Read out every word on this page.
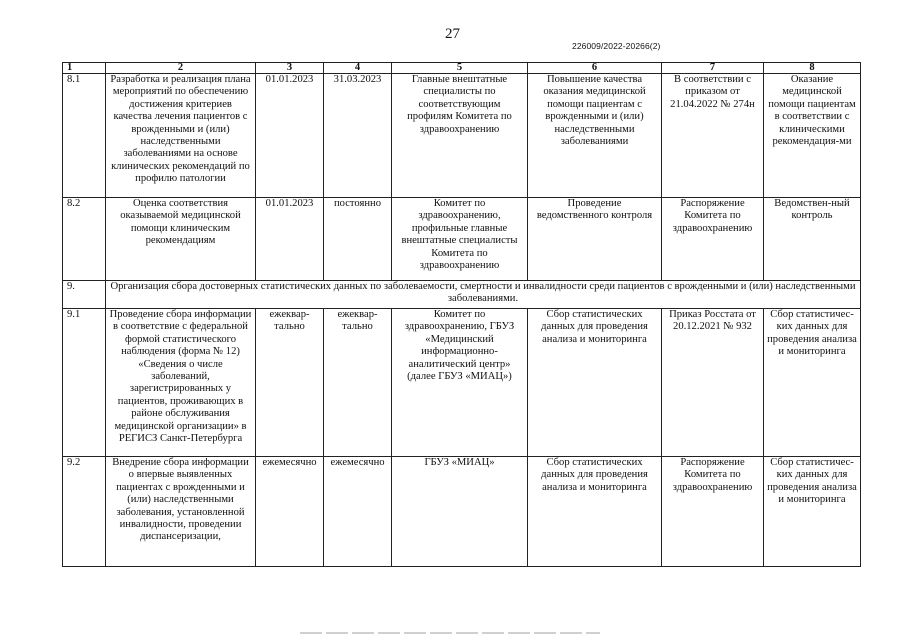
27
226009/2022-20266(2)
1	2	3	4	5	6	7	8
8.1	Разработка и реализация плана мероприятий по обеспечению достижения критериев качества лечения пациентов с врожденными и (или) наследственными заболеваниями на основе клинических рекомендаций по профилю патологии	01.01.2023	31.03.2023	Главные внештатные специалисты по соответствующим профилям Комитета по здравоохранению	Повышение качества оказания медицинской помощи пациентам с врожденными и (или) наследственными заболеваниями	В соответствии с приказом от 21.04.2022 № 274н	Оказание медицинской помощи пациентам в соответствии с клиническими рекомендация-ми
8.2	Оценка соответствия оказываемой медицинской помощи клиническим рекомендациям	01.01.2023	постоянно	Комитет по здравоохранению, профильные главные внештатные специалисты Комитета по здравоохранению	Проведение ведомственного контроля	Распоряжение Комитета по здравоохранению	Ведомствен-ный контроль
9.	Организация сбора достоверных статистических данных по заболеваемости, смертности и инвалидности среди пациентов с врожденными и (или) наследственными заболеваниями.						
9.1	Проведение сбора информации в соответствие с федеральной формой статистического наблюдения (форма № 12) «Сведения о числе заболеваний, зарегистрированных у пациентов, проживающих в районе обслуживания медицинской организации» в РЕГИСЗ Санкт-Петербурга	ежеквар-тально	ежеквар-тально	Комитет по здравоохранению, ГБУЗ «Медицинский информационно-аналитический центр» (далее ГБУЗ «МИАЦ»)	Сбор статистических данных для проведения анализа и мониторинга	Приказ Росстата от 20.12.2021 № 932	Сбор статистичес-ких данных для проведения анализа и мониторинга
9.2	Внедрение сбора информации о впервые выявленных пациентах с врожденными и (или) наследственными заболевания, установленной инвалидности, проведении диспансеризации,	ежемесячно	ежемесячно	ГБУЗ «МИАЦ»	Сбор статистических данных для проведения анализа и мониторинга	Распоряжение Комитета по здравоохранению	Сбор статистичес-ких данных для проведения анализа и мониторинга
